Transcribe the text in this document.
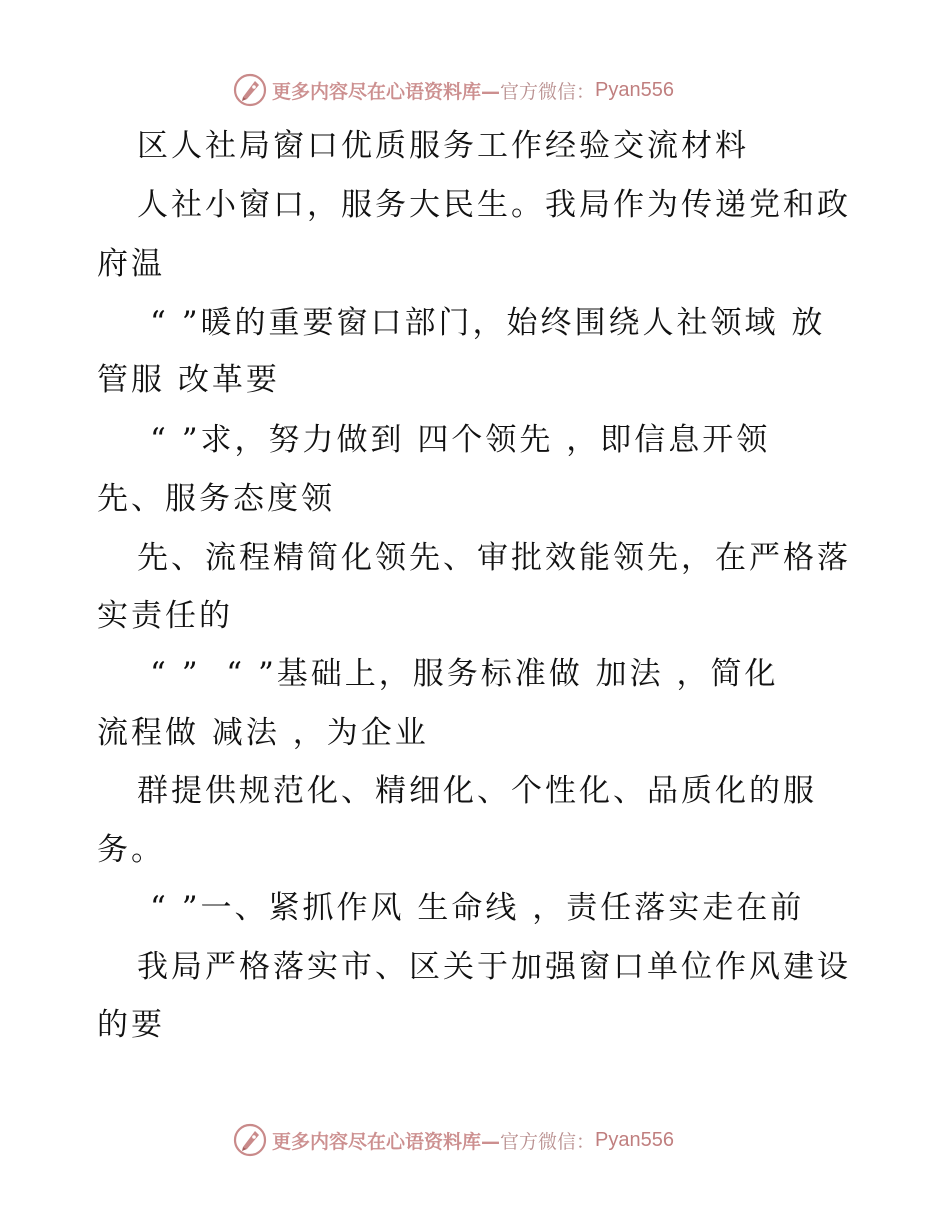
更多内容尽在心语资料库— 官方微信： Pyan556

区人社局窗口优质服务工作经验交流材料

人社小窗口，服务大民生。我局作为传递党和政

府温

“ ”暖的重要窗口部门，始终围绕人社领域 放

管服 改革要

“ ”求，努力做到 四个领先 ，即信息开领

先、服务态度领

先、流程精简化领先、审批效能领先，在严格落

实责任的

“ ”  “ ”基础上，服务标准做 加法 ，简化

流程做 减法 ，为企业

群提供规范化、精细化、个性化、品质化的服

务。

“ ”一、紧抓作风 生命线 ，责任落实走在前

我局严格落实市、区关于加强窗口单位作风建设

的要

更多内容尽在心语资料库— 官方微信： Pyan556
